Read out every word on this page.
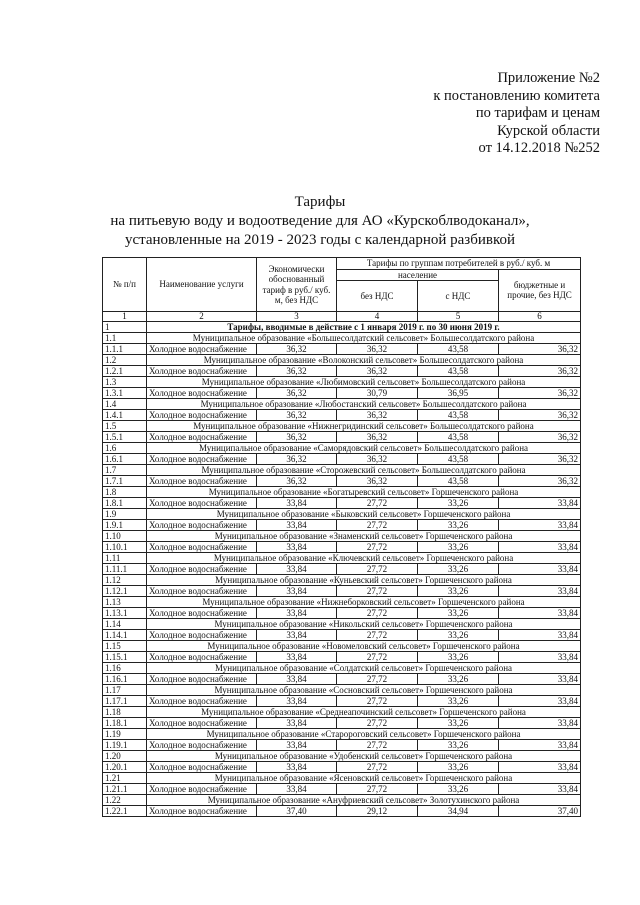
Приложение №2
к постановлению комитета
по тарифам и ценам
Курской области
от 14.12.2018 №252
Тарифы
на питьевую воду и водоотведение для АО «Курскоблводоканал»,
установленные на 2019 - 2023 годы с календарной разбивкой
№ п/п	Наименование услуги	Экономически обоснованный тариф в руб./ куб. м, без НДС	Тарифы по группам потребителей в руб./ куб. м		
			население		бюджетные и прочие, без НДС
			без НДС	с НДС	
1	2	3	4	5	6
1	Тарифы, вводимые в действие с 1 января 2019 г. по 30 июня 2019 г.				
1.1	Муниципальное образование «Большесолдатский сельсовет» Большесолдатского района				
1.1.1	Холодное водоснабжение	36,32	36,32	43,58	36,32
1.2	Муниципальное образование «Волоконский сельсовет» Большесолдатского района				
1.2.1	Холодное водоснабжение	36,32	36,32	43,58	36,32
1.3	Муниципальное образование «Любимовский сельсовет» Большесолдатского района				
1.3.1	Холодное водоснабжение	36,32	30,79	36,95	36,32
1.4	Муниципальное образование «Любостанский сельсовет» Большесолдатского района				
1.4.1	Холодное водоснабжение	36,32	36,32	43,58	36,32
1.5	Муниципальное образование «Нижнегридинский сельсовет» Большесолдатского района				
1.5.1	Холодное водоснабжение	36,32	36,32	43,58	36,32
1.6	Муниципальное образование «Саморядовский сельсовет» Большесолдатского района				
1.6.1	Холодное водоснабжение	36,32	36,32	43,58	36,32
1.7	Муниципальное образование «Сторожевский сельсовет» Большесолдатского района				
1.7.1	Холодное водоснабжение	36,32	36,32	43,58	36,32
1.8	Муниципальное образование «Богатыревский сельсовет» Горшеченского района				
1.8.1	Холодное водоснабжение	33,84	27,72	33,26	33,84
1.9	Муниципальное образование «Быковский сельсовет» Горшеченского района				
1.9.1	Холодное водоснабжение	33,84	27,72	33,26	33,84
1.10	Муниципальное образование «Знаменский сельсовет» Горшеченского района				
1.10.1	Холодное водоснабжение	33,84	27,72	33,26	33,84
1.11	Муниципальное образование «Ключевский сельсовет» Горшеченского района				
1.11.1	Холодное водоснабжение	33,84	27,72	33,26	33,84
1.12	Муниципальное образование «Куньевский сельсовет» Горшеченского района				
1.12.1	Холодное водоснабжение	33,84	27,72	33,26	33,84
1.13	Муниципальное образование «Нижнеборковский сельсовет» Горшеченского района				
1.13.1	Холодное водоснабжение	33,84	27,72	33,26	33,84
1.14	Муниципальное образование «Никольский сельсовет» Горшеченского района				
1.14.1	Холодное водоснабжение	33,84	27,72	33,26	33,84
1.15	Муниципальное образование «Новомеловский сельсовет» Горшеченского района				
1.15.1	Холодное водоснабжение	33,84	27,72	33,26	33,84
1.16	Муниципальное образование «Солдатский сельсовет» Горшеченского района				
1.16.1	Холодное водоснабжение	33,84	27,72	33,26	33,84
1.17	Муниципальное образование «Сосновский сельсовет» Горшеченского района				
1.17.1	Холодное водоснабжение	33,84	27,72	33,26	33,84
1.18	Муниципальное образование «Среднеапочинский сельсовет» Горшеченского района				
1.18.1	Холодное водоснабжение	33,84	27,72	33,26	33,84
1.19	Муниципальное образование «Старороговский сельсовет» Горшеченского района				
1.19.1	Холодное водоснабжение	33,84	27,72	33,26	33,84
1.20	Муниципальное образование «Удобенский сельсовет» Горшеченского района				
1.20.1	Холодное водоснабжение	33,84	27,72	33,26	33,84
1.21	Муниципальное образование «Ясеновский сельсовет» Горшеченского района				
1.21.1	Холодное водоснабжение	33,84	27,72	33,26	33,84
1.22	Муниципальное образование «Ануфриевский сельсовет» Золотухинского района				
1.22.1	Холодное водоснабжение	37,40	29,12	34,94	37,40
